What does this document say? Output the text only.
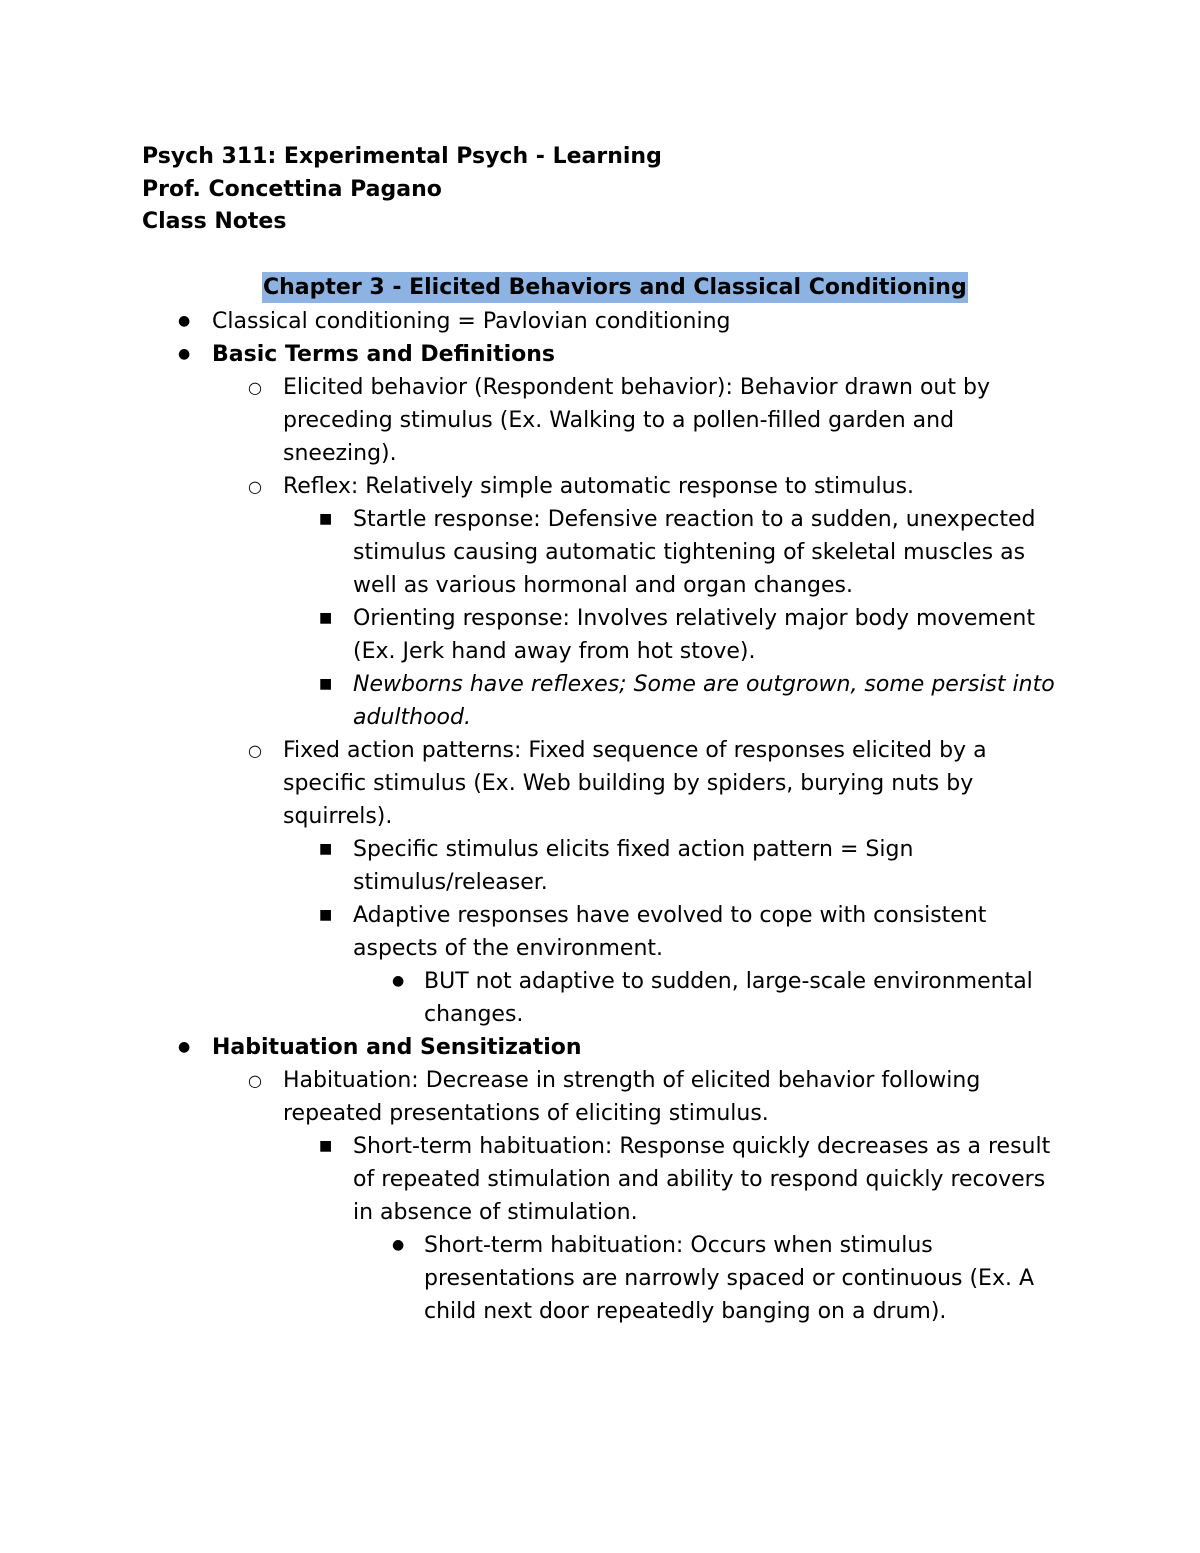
Psych 311: Experimental Psych - Learning
Prof. Concettina Pagano
Class Notes
Chapter 3 - Elicited Behaviors and Classical Conditioning
● Classical conditioning = Pavlovian conditioning
● Basic Terms and Definitions
○ Elicited behavior (Respondent behavior): Behavior drawn out by preceding stimulus (Ex. Walking to a pollen-filled garden and sneezing).
○ Reflex: Relatively simple automatic response to stimulus.
■ Startle response: Defensive reaction to a sudden, unexpected stimulus causing automatic tightening of skeletal muscles as well as various hormonal and organ changes.
■ Orienting response: Involves relatively major body movement (Ex. Jerk hand away from hot stove).
■ Newborns have reflexes; Some are outgrown, some persist into adulthood.
○ Fixed action patterns: Fixed sequence of responses elicited by a specific stimulus (Ex. Web building by spiders, burying nuts by squirrels).
■ Specific stimulus elicits fixed action pattern = Sign stimulus/releaser.
■ Adaptive responses have evolved to cope with consistent aspects of the environment.
● BUT not adaptive to sudden, large-scale environmental changes.
● Habituation and Sensitization
○ Habituation: Decrease in strength of elicited behavior following repeated presentations of eliciting stimulus.
■ Short-term habituation: Response quickly decreases as a result of repeated stimulation and ability to respond quickly recovers in absence of stimulation.
● Short-term habituation: Occurs when stimulus presentations are narrowly spaced or continuous (Ex. A child next door repeatedly banging on a drum).
